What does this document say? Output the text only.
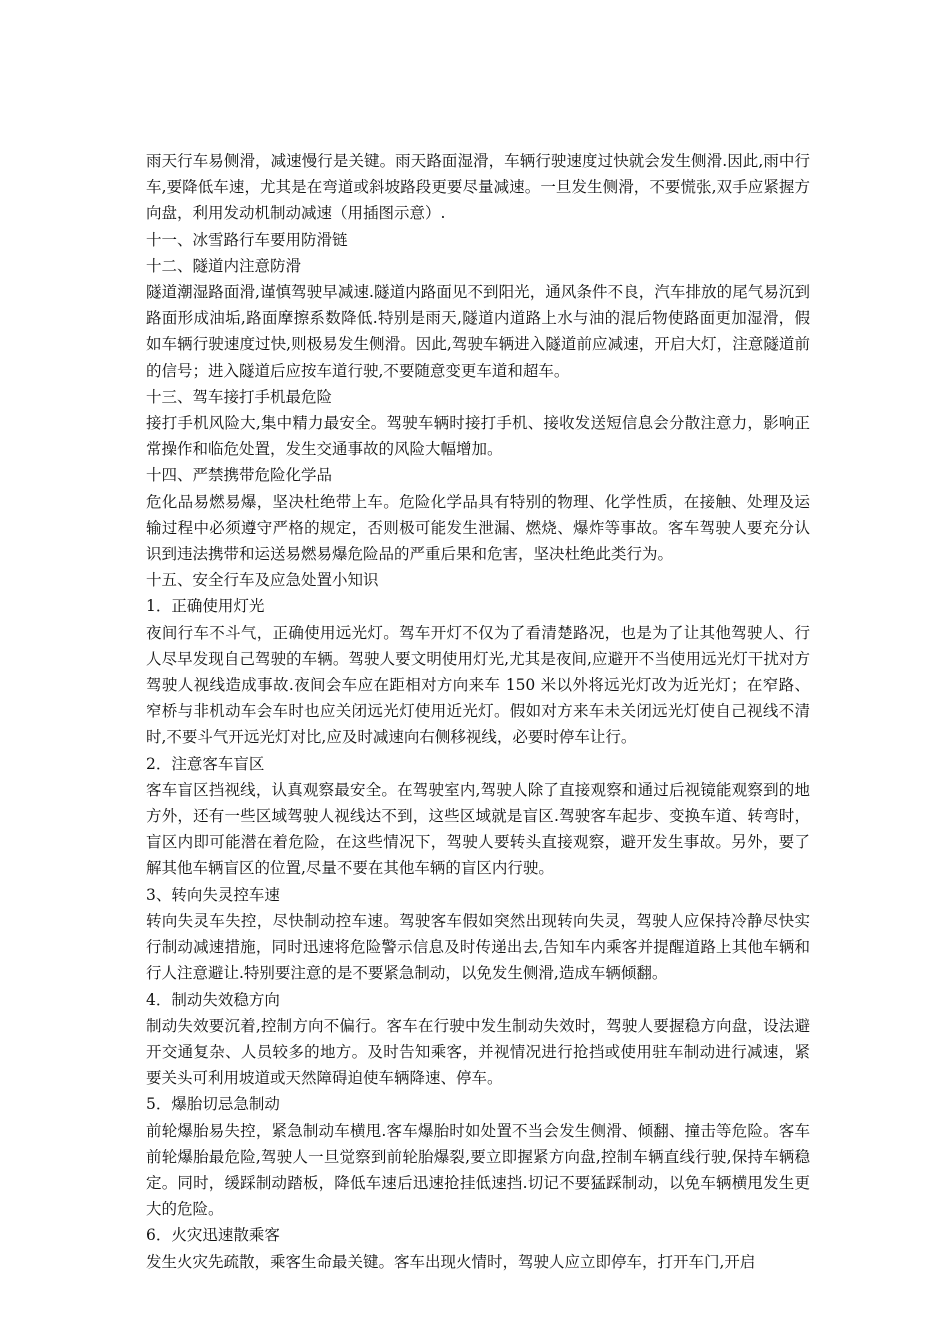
雨天行车易侧滑，减速慢行是关键。雨天路面湿滑，车辆行驶速度过快就会发生侧滑.因此,雨中行车,要降低车速，尤其是在弯道或斜坡路段更要尽量减速。一旦发生侧滑，不要慌张,双手应紧握方向盘，利用发动机制动减速（用插图示意）.

十一、冰雪路行车要用防滑链

十二、隧道内注意防滑

隧道潮湿路面滑,谨慎驾驶早减速.隧道内路面见不到阳光，通风条件不良，汽车排放的尾气易沉到路面形成油垢,路面摩擦系数降低.特别是雨天,隧道内道路上水与油的混后物使路面更加湿滑，假如车辆行驶速度过快,则极易发生侧滑。因此,驾驶车辆进入隧道前应减速，开启大灯，注意隧道前的信号；进入隧道后应按车道行驶,不要随意变更车道和超车。

十三、驾车接打手机最危险

接打手机风险大,集中精力最安全。驾驶车辆时接打手机、接收发送短信息会分散注意力，影响正常操作和临危处置，发生交通事故的风险大幅增加。

十四、严禁携带危险化学品

危化品易燃易爆，坚决杜绝带上车。危险化学品具有特别的物理、化学性质，在接触、处理及运输过程中必须遵守严格的规定，否则极可能发生泄漏、燃烧、爆炸等事故。客车驾驶人要充分认识到违法携带和运送易燃易爆危险品的严重后果和危害，坚决杜绝此类行为。

十五、安全行车及应急处置小知识

1．正确使用灯光

夜间行车不斗气，正确使用远光灯。驾车开灯不仅为了看清楚路况，也是为了让其他驾驶人、行人尽早发现自己驾驶的车辆。驾驶人要文明使用灯光,尤其是夜间,应避开不当使用远光灯干扰对方驾驶人视线造成事故.夜间会车应在距相对方向来车 150 米以外将远光灯改为近光灯；在窄路、窄桥与非机动车会车时也应关闭远光灯使用近光灯。假如对方来车未关闭远光灯使自己视线不清时,不要斗气开远光灯对比,应及时减速向右侧移视线，必要时停车让行。

2．注意客车盲区

客车盲区挡视线，认真观察最安全。在驾驶室内,驾驶人除了直接观察和通过后视镜能观察到的地方外，还有一些区域驾驶人视线达不到，这些区域就是盲区.驾驶客车起步、变换车道、转弯时，盲区内即可能潜在着危险，在这些情况下，驾驶人要转头直接观察，避开发生事故。另外，要了解其他车辆盲区的位置,尽量不要在其他车辆的盲区内行驶。

3、转向失灵控车速

转向失灵车失控，尽快制动控车速。驾驶客车假如突然出现转向失灵，驾驶人应保持冷静尽快实行制动减速措施，同时迅速将危险警示信息及时传递出去,告知车内乘客并提醒道路上其他车辆和行人注意避让.特别要注意的是不要紧急制动，以免发生侧滑,造成车辆倾翻。

4．制动失效稳方向

制动失效要沉着,控制方向不偏行。客车在行驶中发生制动失效时，驾驶人要握稳方向盘，设法避开交通复杂、人员较多的地方。及时告知乘客，并视情况进行抢挡或使用驻车制动进行减速，紧要关头可利用坡道或天然障碍迫使车辆降速、停车。

5．爆胎切忌急制动

前轮爆胎易失控，紧急制动车横甩.客车爆胎时如处置不当会发生侧滑、倾翻、撞击等危险。客车前轮爆胎最危险,驾驶人一旦觉察到前轮胎爆裂,要立即握紧方向盘,控制车辆直线行驶,保持车辆稳定。同时，缓踩制动踏板，降低车速后迅速抢挂低速挡.切记不要猛踩制动，以免车辆横甩发生更大的危险。

6．火灾迅速散乘客

发生火灾先疏散，乘客生命最关键。客车出现火情时，驾驶人应立即停车，打开车门,开启
